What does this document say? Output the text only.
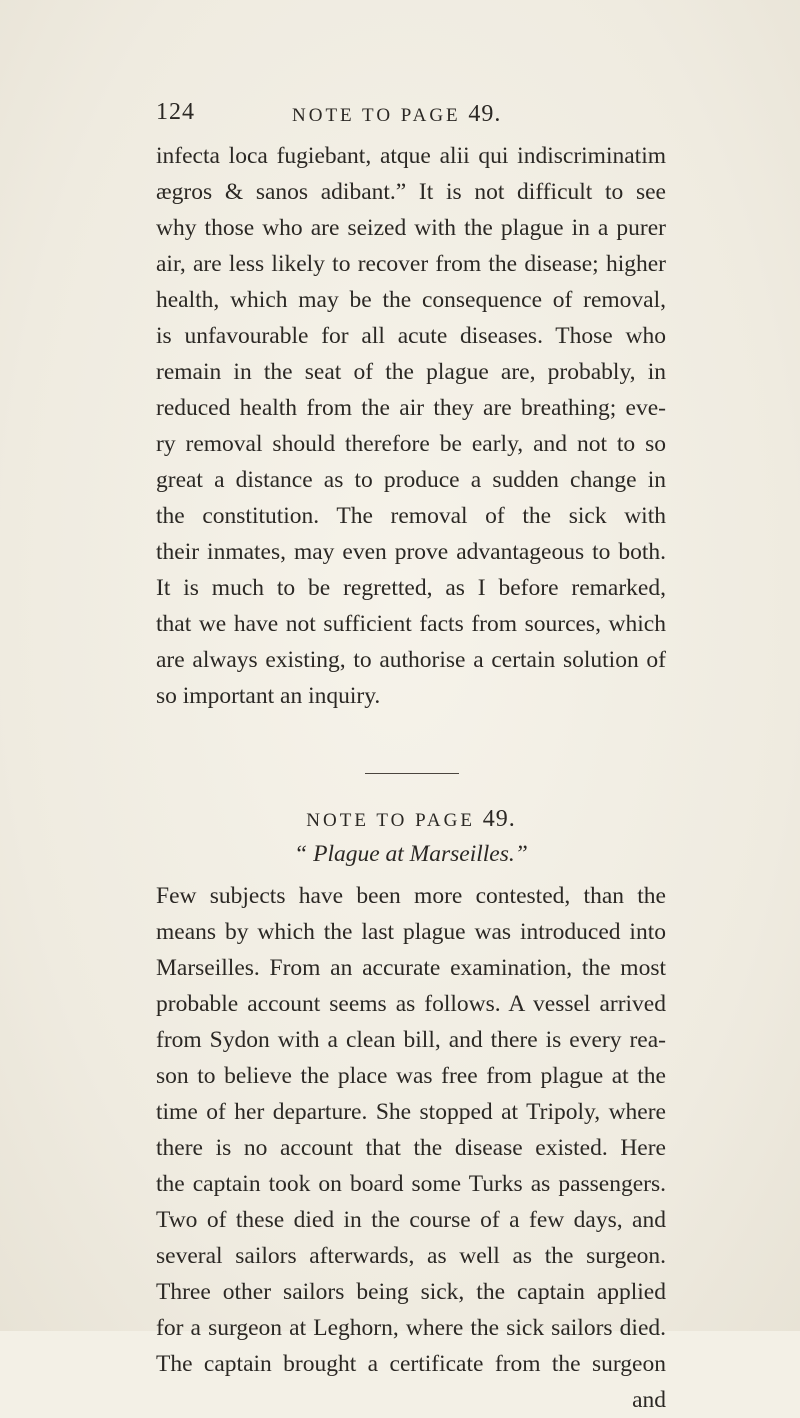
124	NOTE TO PAGE 49.
infecta loca fugiebant, atque alii qui indiscriminatim
ægros & sanos adibant.” It is not difficult to see
why those who are seized with the plague in a purer
air, are less likely to recover from the disease; higher
health, which may be the consequence of removal,
is unfavourable for all acute diseases. Those who
remain in the seat of the plague are, probably, in
reduced health from the air they are breathing; eve-
ry removal should therefore be early, and not to so
great a distance as to produce a sudden change in
the constitution. The removal of the sick with
their inmates, may even prove advantageous to both.
It is much to be regretted, as I before remarked,
that we have not sufficient facts from sources, which
are always existing, to authorise a certain solution of
so important an inquiry.
NOTE TO PAGE 49.
“ Plague at Marseilles.”
Few subjects have been more contested, than the
means by which the last plague was introduced into
Marseilles. From an accurate examination, the most
probable account seems as follows. A vessel arrived
from Sydon with a clean bill, and there is every rea-
son to believe the place was free from plague at the
time of her departure. She stopped at Tripoly, where
there is no account that the disease existed. Here
the captain took on board some Turks as passengers.
Two of these died in the course of a few days, and
several sailors afterwards, as well as the surgeon.
Three other sailors being sick, the captain applied
for a surgeon at Leghorn, where the sick sailors died.
The captain brought a certificate from the surgeon
and
